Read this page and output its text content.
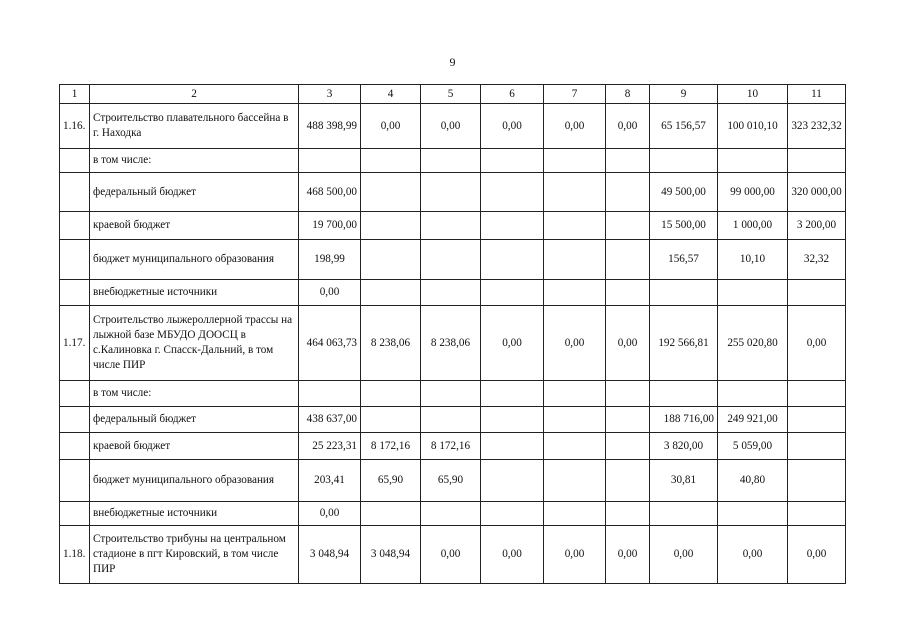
9
1	2	3	4	5	6	7	8	9	10	11
1.16.	Строительство плавательного бассейна в г. Находка	488 398,99	0,00	0,00	0,00	0,00	0,00	65 156,57	100 010,10	323 232,32
	в том числе:									
	федеральный бюджет	468 500,00						49 500,00	99 000,00	320 000,00
	краевой бюджет	19 700,00						15 500,00	1 000,00	3 200,00
	бюджет муниципального образования	198,99						156,57	10,10	32,32
	внебюджетные источники	0,00								
1.17.	Строительство лыжероллерной трассы на лыжной базе МБУДО ДООСЦ в с.Калиновка г. Спасск-Дальний, в том числе ПИР	464 063,73	8 238,06	8 238,06	0,00	0,00	0,00	192 566,81	255 020,80	0,00
	в том числе:									
	федеральный бюджет	438 637,00						188 716,00	249 921,00	
	краевой бюджет	25 223,31	8 172,16	8 172,16				3 820,00	5 059,00	
	бюджет муниципального образования	203,41	65,90	65,90				30,81	40,80	
	внебюджетные источники	0,00								
1.18.	Строительство трибуны на центральном стадионе в пгт Кировский, в том числе ПИР	3 048,94	3 048,94	0,00	0,00	0,00	0,00	0,00	0,00	0,00
